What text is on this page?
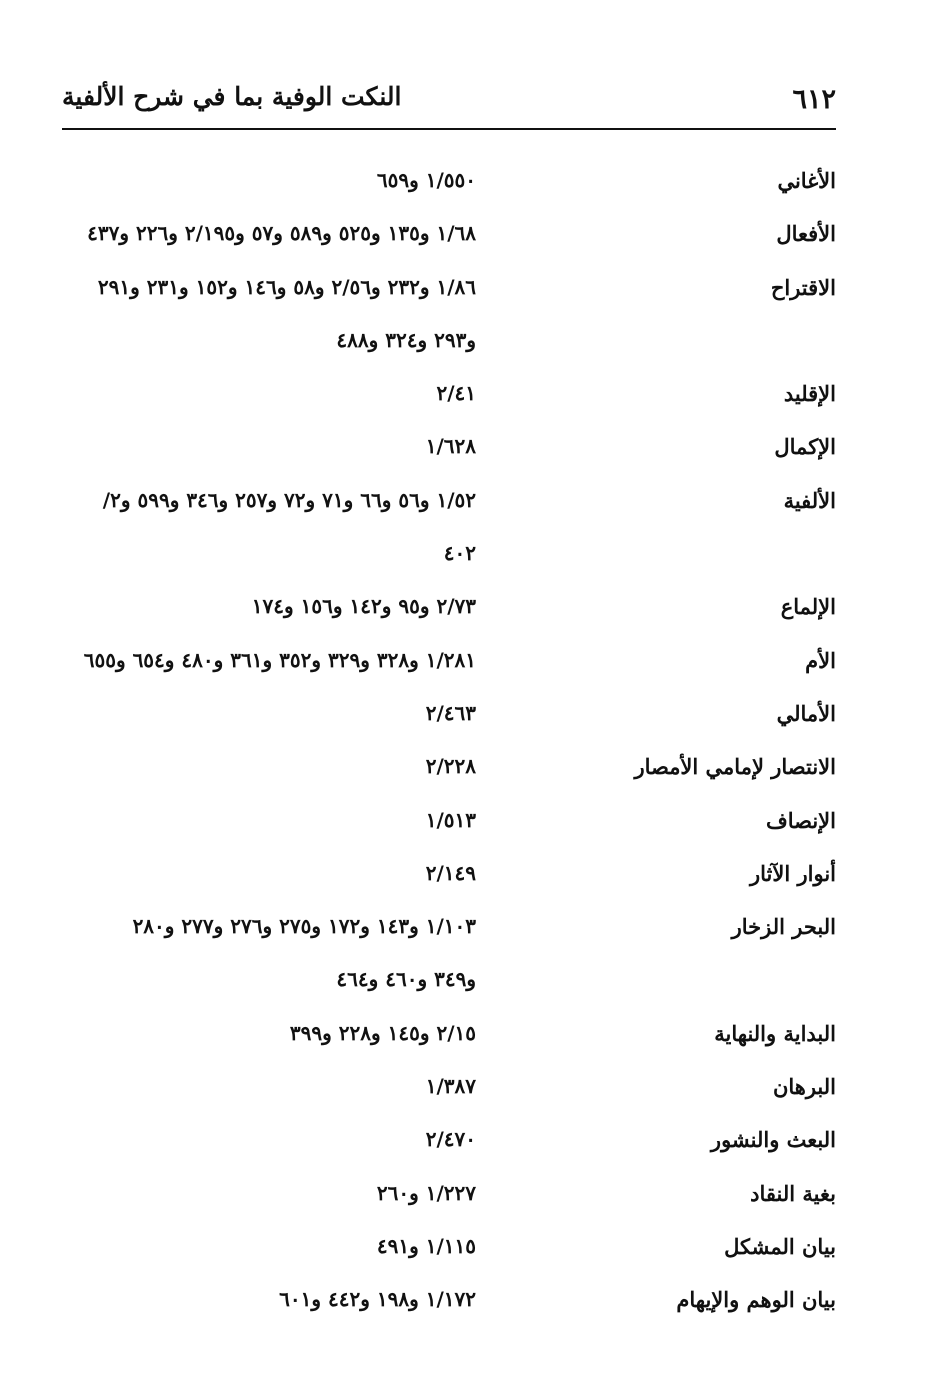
٦١٢
النكت الوفية بما في شرح الألفية
الأغاني
١/٥٥٠ و٦٥٩
الأفعال
١/٦٨ و١٣٥ و٥٢٥ و٥٨٩ و٥٧ و٢/١٩٥ و٢٢٦ و٤٣٧
الاقتراح
١/٨٦ و٢٣٢ و٢/٥٦ و٥٨ و١٤٦ و١٥٢ و٢٣١ و٢٩١
و٢٩٣ و٣٢٤ و٤٨٨
الإقليد
٢/٤١
الإكمال
١/٦٢٨
الألفية
١/٥٢ و٥٦ و٦٦ و٧١ و٧٢ و٢٥٧ و٣٤٦ و٥٩٩ و٢/
٤٠٢
الإلماع
٢/٧٣ و٩٥ و١٤٢ و١٥٦ و١٧٤
الأم
١/٢٨١ و٣٢٨ و٣٢٩ و٣٥٢ و٣٦١ و٤٨٠ و٦٥٤ و٦٥٥
الأمالي
٢/٤٦٣
الانتصار لإمامي الأمصار
٢/٢٢٨
الإنصاف
١/٥١٣
أنوار الآثار
٢/١٤٩
البحر الزخار
١/١٠٣ و١٤٣ و١٧٢ و٢٧٥ و٢٧٦ و٢٧٧ و٢٨٠
و٣٤٩ و٤٦٠ و٤٦٤
البداية والنهاية
٢/١٥ و١٤٥ و٢٢٨ و٣٩٩
البرهان
١/٣٨٧
البعث والنشور
٢/٤٧٠
بغية النقاد
١/٢٢٧ و٢٦٠
بيان المشكل
١/١١٥ و٤٩١
بيان الوهم والإيهام
١/١٧٢ و١٩٨ و٤٤٢ و٦٠١
